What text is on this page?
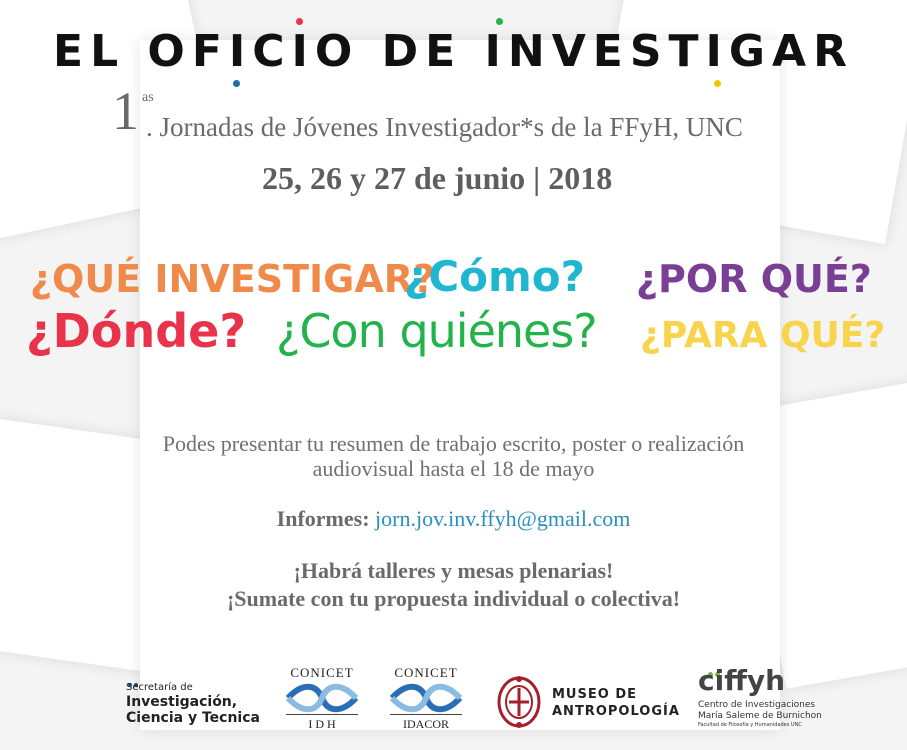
EL OFICIO DE INVESTIGAR
1 as
. Jornadas de Jóvenes Investigador*s de la FFyH, UNC
25, 26 y 27 de junio | 2018
¿QUÉ INVESTIGAR?
¿Cómo? ¿POR QUÉ?
¿Dónde? ¿Con quiénes? ¿PARA QUÉ?
Podes presentar tu resumen de trabajo escrito, poster o realización
audiovisual hasta el 18 de mayo
Informes: jorn.jov.inv.ffyh@gmail.com
¡Habrá talleres y mesas plenarias!
¡Sumate con tu propuesta individual o colectiva!
Secretaría de
Investigación,
Ciencia y Tecnica
CONICET
I D H
CONICET
IDACOR
MUSEO DE
ANTROPOLOGÍA
ciffyh
Centro de Investigaciones
María Saleme de Burnichon
Facultad de Filosofía y Humanidades UNC
